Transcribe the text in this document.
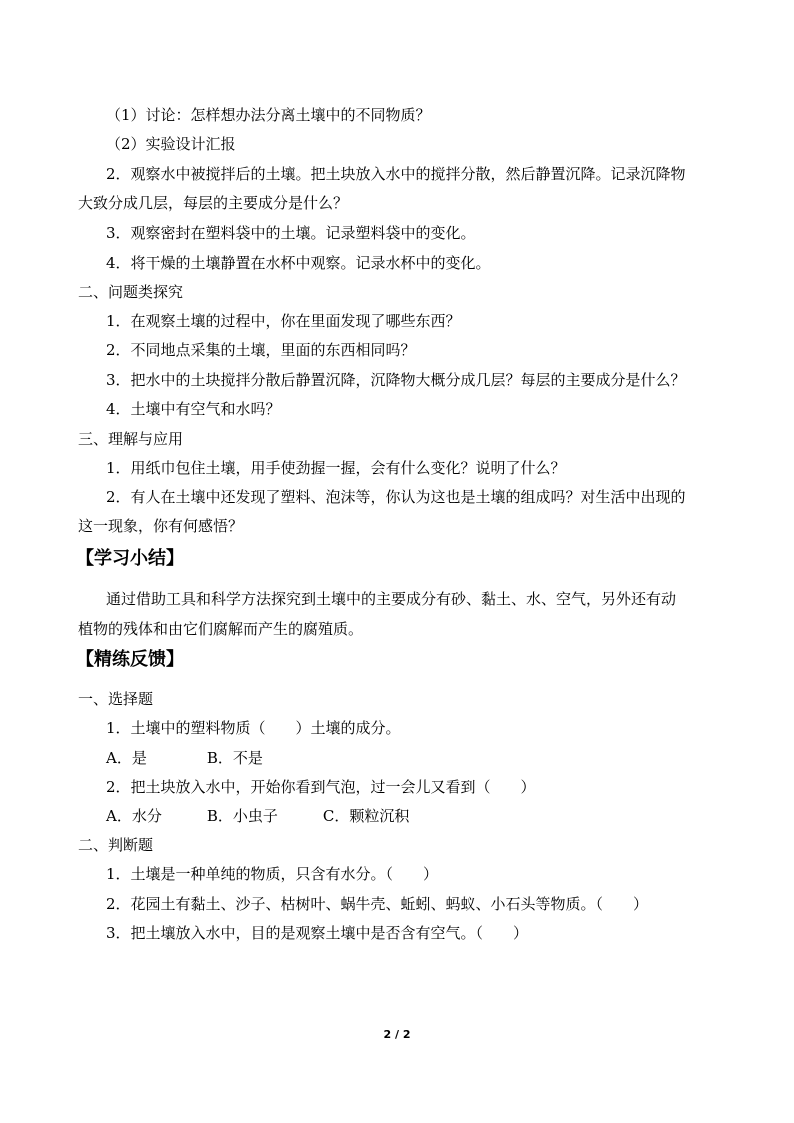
（1）讨论：怎样想办法分离土壤中的不同物质？
（2）实验设计汇报
2．观察水中被搅拌后的土壤。把土块放入水中的搅拌分散，然后静置沉降。记录沉降物
大致分成几层，每层的主要成分是什么？
3．观察密封在塑料袋中的土壤。记录塑料袋中的变化。
4．将干燥的土壤静置在水杯中观察。记录水杯中的变化。
二、问题类探究
1．在观察土壤的过程中，你在里面发现了哪些东西？
2．不同地点采集的土壤，里面的东西相同吗？
3．把水中的土块搅拌分散后静置沉降，沉降物大概分成几层？每层的主要成分是什么？
4．土壤中有空气和水吗？
三、理解与应用
1．用纸巾包住土壤，用手使劲握一握，会有什么变化？说明了什么？
2．有人在土壤中还发现了塑料、泡沫等，你认为这也是土壤的组成吗？对生活中出现的
这一现象，你有何感悟？
【学习小结】
通过借助工具和科学方法探究到土壤中的主要成分有砂、黏土、水、空气，另外还有动
植物的残体和由它们腐解而产生的腐殖质。
【精练反馈】
一、选择题
1．土壤中的塑料物质（　　）土壤的成分。
A．是　　　　B．不是
2．把土块放入水中，开始你看到气泡，过一会儿又看到（　　）
A．水分　　　B．小虫子　　　C．颗粒沉积
二、判断题
1．土壤是一种单纯的物质，只含有水分。（　　）
2．花园土有黏土、沙子、枯树叶、蜗牛壳、蚯蚓、蚂蚁、小石头等物质。（　　）
3．把土壤放入水中，目的是观察土壤中是否含有空气。（　　）
2 / 2
